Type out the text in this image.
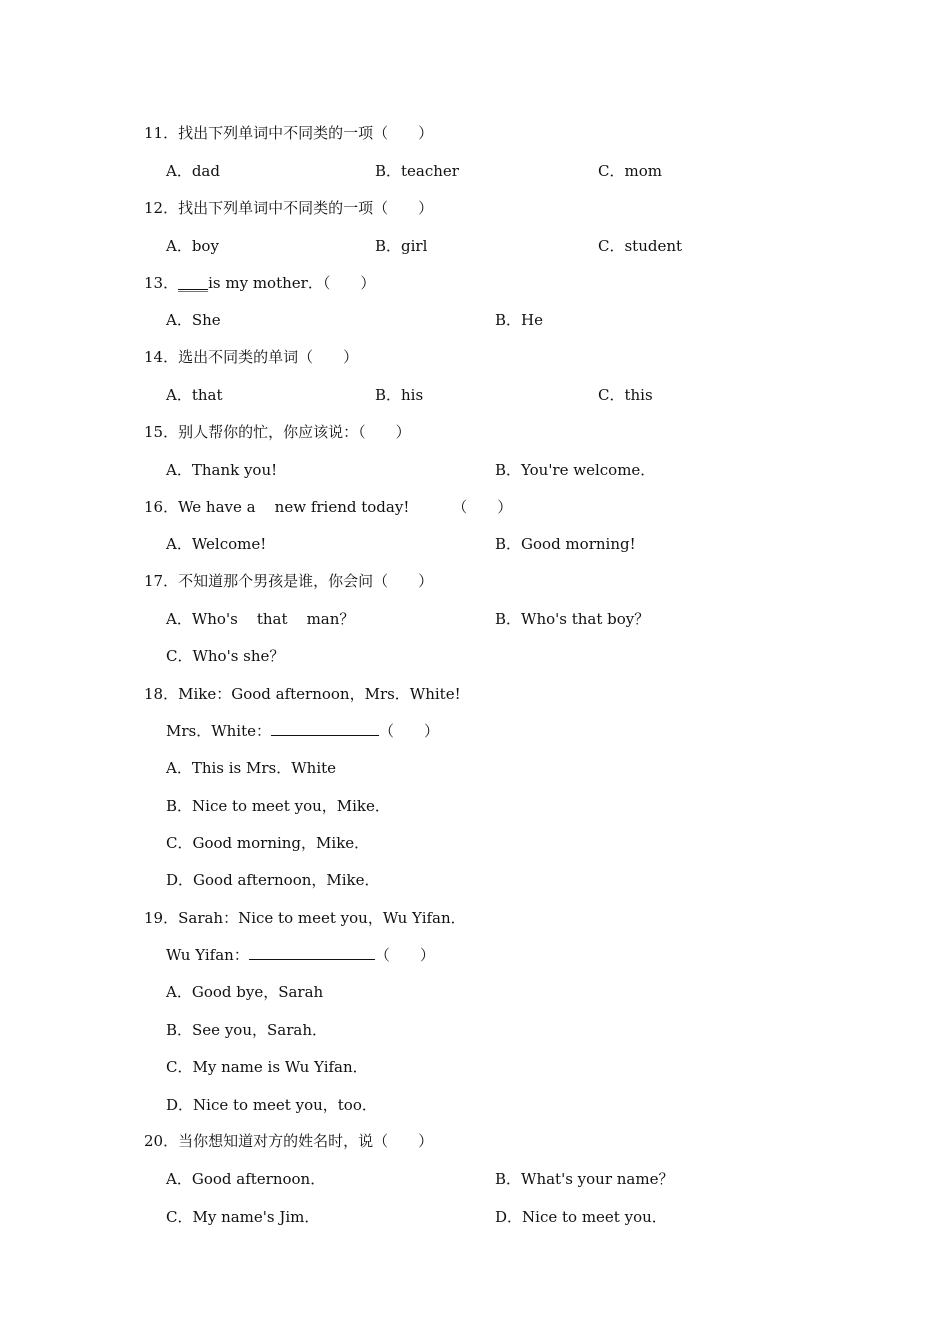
11．找出下列单词中不同类的一项（　　）
A．dad	B．teacher	C．mom
12．找出下列单词中不同类的一项（　　）
A．boy	B．girl	C．student
13．____is my mother．（　　）
A．She	B．He
14．选出不同类的单词（　　）
A．that	B．his	C．this
15．别人帮你的忙，你应该说：（　　）
A．Thank you!	B．You're welcome．
16．We have a    new friend today!         （　　）
A．Welcome!	B．Good morning!
17．不知道那个男孩是谁，你会问（　　）
A．Who's    that    man？	B．Who's that boy？
C．Who's she？
18．Mike：Good afternoon，Mrs．White!
Mrs．White：	（　　）
A．This is Mrs．White
B．Nice to meet you，Mike．
C．Good morning，Mike．
D．Good afternoon，Mike．
19．Sarah：Nice to meet you，Wu Yifan．
Wu Yifan：	（　　）
A．Good bye，Sarah
B．See you，Sarah．
C．My name is Wu Yifan．
D．Nice to meet you，too．
20．当你想知道对方的姓名时，说（　　）
A．Good afternoon．	B．What's your name？
C．My name's Jim．	D．Nice to meet you．
